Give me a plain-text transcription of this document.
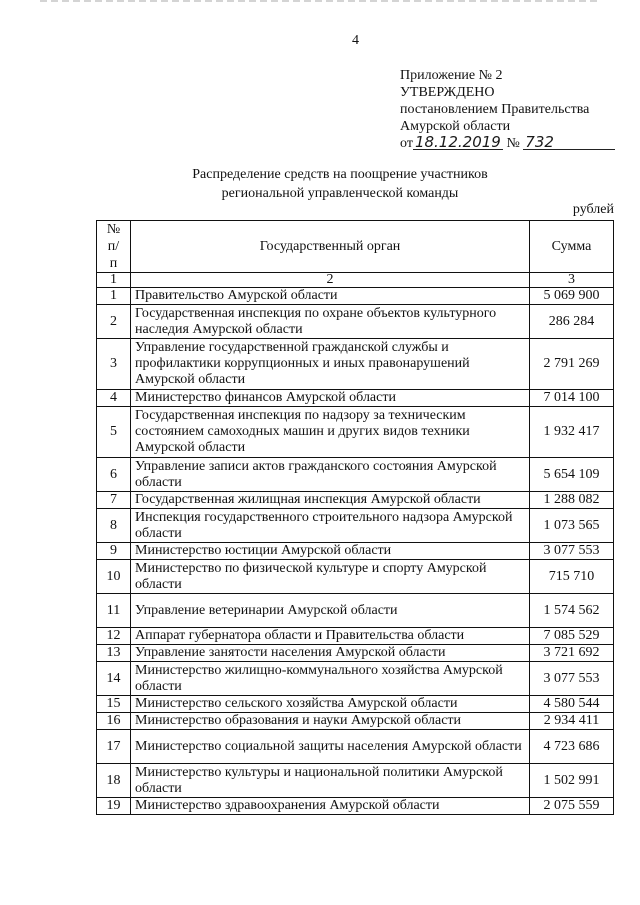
4
Приложение № 2
УТВЕРЖДЕНО
постановлением Правительства
Амурской области
от 18.12.2019 № 732
Распределение средств на поощрение участников
региональной управленческой команды
рублей
№
п/
п	Государственный орган	Сумма
1	2	3
1	Правительство Амурской области	5 069 900
2	Государственная инспекция по охране объектов культурного наследия Амурской области	286 284
3	Управление государственной гражданской службы и профилактики коррупционных и иных правонарушений Амурской области	2 791 269
4	Министерство финансов Амурской области	7 014 100
5	Государственная инспекция по надзору за техническим состоянием самоходных машин и других видов техники Амурской области	1 932 417
6	Управление записи актов гражданского состояния Амурской области	5 654 109
7	Государственная жилищная инспекция Амурской области	1 288 082
8	Инспекция государственного строительного надзора Амурской области	1 073 565
9	Министерство юстиции Амурской области	3 077 553
10	Министерство по физической культуре и спорту Амурской области	715 710
11	Управление ветеринарии Амурской области	1 574 562
12	Аппарат губернатора области и Правительства области	7 085 529
13	Управление занятости населения Амурской области	3 721 692
14	Министерство жилищно-коммунального хозяйства Амурской области	3 077 553
15	Министерство сельского хозяйства Амурской области	4 580 544
16	Министерство образования и науки Амурской области	2 934 411
17	Министерство социальной защиты населения Амурской области	4 723 686
18	Министерство культуры и национальной политики Амурской области	1 502 991
19	Министерство здравоохранения Амурской области	2 075 559
